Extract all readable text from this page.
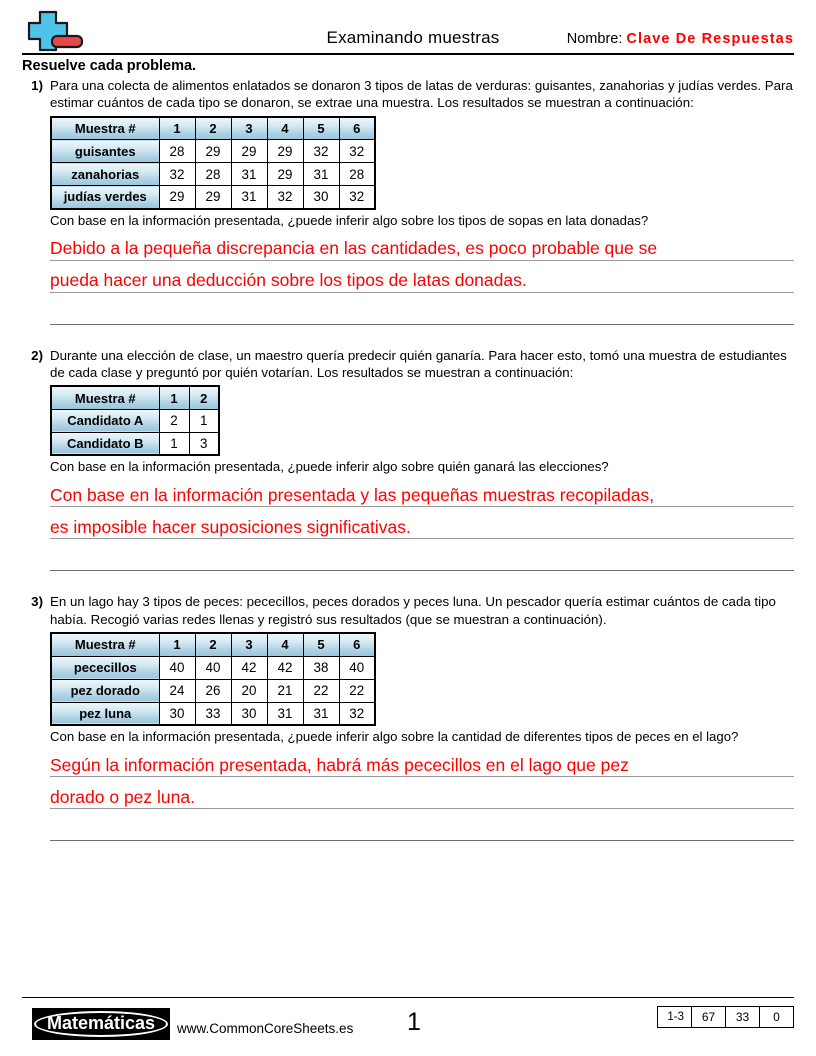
Examinando muestras	Nombre: Clave De Respuestas
Resuelve cada problema.
1) Para una colecta de alimentos enlatados se donaron 3 tipos de latas de verduras: guisantes, zanahorias y judías verdes. Para estimar cuántos de cada tipo se donaron, se extrae una muestra. Los resultados se muestran a continuación:
Muestra #	1	2	3	4	5	6
guisantes	28	29	29	29	32	32
zanahorias	32	28	31	29	31	28
judías verdes	29	29	31	32	30	32
Con base en la información presentada, ¿puede inferir algo sobre los tipos de sopas en lata donadas?
Debido a la pequeña discrepancia en las cantidades, es poco probable que se
pueda hacer una deducción sobre los tipos de latas donadas.
2) Durante una elección de clase, un maestro quería predecir quién ganaría. Para hacer esto, tomó una muestra de estudiantes de cada clase y preguntó por quién votarían. Los resultados se muestran a continuación:
Muestra #	1	2
Candidato A	2	1
Candidato B	1	3
Con base en la información presentada, ¿puede inferir algo sobre quién ganará las elecciones?
Con base en la información presentada y las pequeñas muestras recopiladas,
es imposible hacer suposiciones significativas.
3) En un lago hay 3 tipos de peces: pececillos, peces dorados y peces luna. Un pescador quería estimar cuántos de cada tipo había. Recogió varias redes llenas y registró sus resultados (que se muestran a continuación).
Muestra #	1	2	3	4	5	6
pececillos	40	40	42	42	38	40
pez dorado	24	26	20	21	22	22
pez luna	30	33	30	31	31	32
Con base en la información presentada, ¿puede inferir algo sobre la cantidad de diferentes tipos de peces en el lago?
Según la información presentada, habrá más pececillos en el lago que pez
dorado o pez luna.
Matemáticas	www.CommonCoreSheets.es	1	1-3	67	33	0
